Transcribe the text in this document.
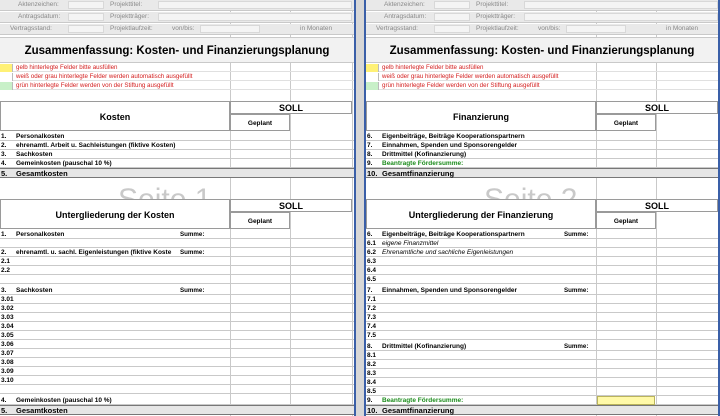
Aktenzeichen:	Projekttitel:
Antragsdatum:	Projektträger:
Vertragsstand:	Projektlaufzeit:	von/bis:	in Monaten
Zusammenfassung: Kosten- und Finanzierungsplanung
gelb hinterlegte Felder bitte ausfüllen
weiß oder grau hinterlegte Felder werden automatisch ausgefüllt
grün hinterlegte Felder werden von der Stiftung ausgefüllt
Kosten
SOLL
Geplant
1. Personalkosten
2. ehrenamtl. Arbeit u. Sachleistungen (fiktive Kosten)
3. Sachkosten
4. Gemeinkosten (pauschal 10 %)
5. Gesamtkosten
Untergliederung der Kosten
SOLL
Geplant
1. Personalkosten	Summe:
2. ehrenamtl. u. sachl. Eigenleistungen (fiktive Koste Summe:
2.1
2.2
3. Sachkosten	Summe:
3.01
3.02
3.03
3.04
3.05
3.06
3.07
3.08
3.09
3.10
4. Gemeinkosten (pauschal 10 %)
5. Gesamtkosten
Aktenzeichen:	Projekttitel:
Antragsdatum:	Projektträger:
Vertragsstand:	Projektlaufzeit:	von/bis:	in Monaten
Zusammenfassung: Kosten- und Finanzierungsplanung
gelb hinterlegte Felder bitte ausfüllen
weiß oder grau hinterlegte Felder werden automatisch ausgefüllt
grün hinterlegte Felder werden von der Stiftung ausgefüllt
Finanzierung
SOLL
Geplant
6. Eigenbeiträge, Beiträge Kooperationspartnern
7. Einnahmen, Spenden und Sponsorengelder
8. Drittmittel (Kofinanzierung)
9. Beantragte Fördersumme:
10. Gesamtfinanzierung
Untergliederung der Finanzierung
SOLL
Geplant
6. Eigenbeiträge, Beiträge Kooperationspartnern	Summe:
6.1 eigene Finanzmittel
6.2 Ehrenamtliche und sachliche Eigenleistungen
6.3
6.4
6.5
7. Einnahmen, Spenden und Sponsorengelder	Summe:
7.1
7.2
7.3
7.4
7.5
8. Drittmittel (Kofinanzierung)	Summe:
8.1
8.2
8.3
8.4
8.5
9. Beantragte Fördersumme:
10. Gesamtfinanzierung
